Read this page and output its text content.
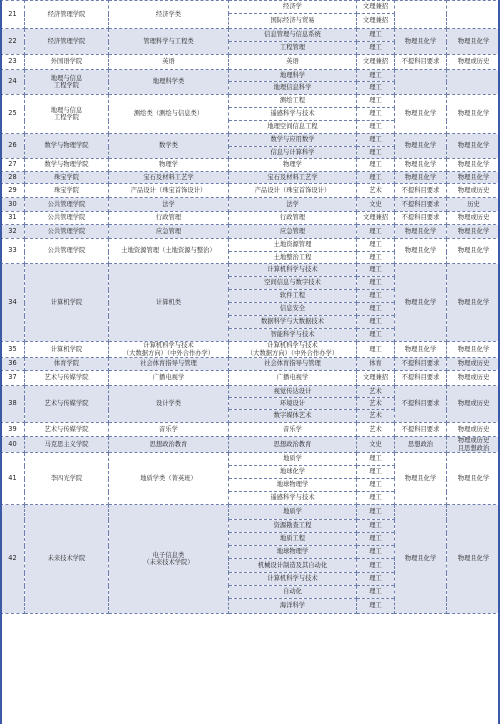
21	经济管理学院	经济学类	经济学	文理兼招		
			国际经济与贸易	文理兼招		
22	经济管理学院	管理科学与工程类	信息管理与信息系统	理工	物理且化学	物理且化学
			工程管理	理工		
23	外国语学院	英语	英语	文理兼招	不提科目要求	物理或历史
24	地理与信息
工程学院	地理科学类	地理科学	理工		
			地理信息科学	理工		
25	地理与信息
工程学院	测绘类（测绘与信息类）	测绘工程	理工	物理且化学	物理且化学
			遥感科学与技术	理工		
			地理空间信息工程	理工		
26	数学与物理学院	数学类	数学与应用数学	理工	物理且化学	物理且化学
			信息与计算科学	理工		
27	数学与物理学院	物理学	物理学	理工	物理且化学	物理且化学
28	珠宝学院	宝石及材料工艺学	宝石及材料工艺学	理工	物理且化学	物理且化学
29	珠宝学院	产品设计（珠宝首饰设计）	产品设计（珠宝首饰设计）	艺术	不提科目要求	物理或历史
30	公共管理学院	法学	法学	文史	不提科目要求	历史
31	公共管理学院	行政管理	行政管理	文理兼招	不提科目要求	物理或历史
32	公共管理学院	应急管理	应急管理	理工	物理且化学	物理且化学
33	公共管理学院	土地资源管理（土地资源与整治）	土地资源管理	理工	物理且化学	物理且化学
			土地整治工程	理工		
34	计算机学院	计算机类	计算机科学与技术	理工	物理且化学	物理且化学
			空间信息与数字技术	理工		
			软件工程	理工		
			信息安全	理工		
			数据科学与大数据技术	理工		
			智能科学与技术	理工		
35	计算机学院	计算机科学与技术
（大数据方向）（中外合作办学）	计算机科学与技术
（大数据方向）（中外合作办学）	理工	物理且化学	物理且化学
36	体育学院	社会体育指导与管理	社会体育指导与管理	体育	不提科目要求	物理或历史
37	艺术与传媒学院	广播电视学	广播电视学	文理兼招	不提科目要求	物理或历史
38	艺术与传媒学院	设计学类	视觉传达设计	艺术	不提科目要求	物理或历史
			环境设计	艺术		
			数字媒体艺术	艺术		
39	艺术与传媒学院	音乐学	音乐学	艺术	不提科目要求	物理或历史
40	马克思主义学院	思想政治教育	思想政治教育	文史	思想政治	物理或历史
且思想政治
41	李四光学院	地质学类（菁英班）	地质学	理工	物理且化学	物理且化学
			地球化学	理工		
			地球物理学	理工		
			遥感科学与技术	理工		
42	未来技术学院	电子信息类
（未来技术学院）	地质学	理工	物理且化学	物理且化学
			资源勘查工程	理工		
			地质工程	理工		
			地球物理学	理工		
			机械设计制造及其自动化	理工		
			计算机科学与技术	理工		
			自动化	理工		
			海洋科学	理工		
